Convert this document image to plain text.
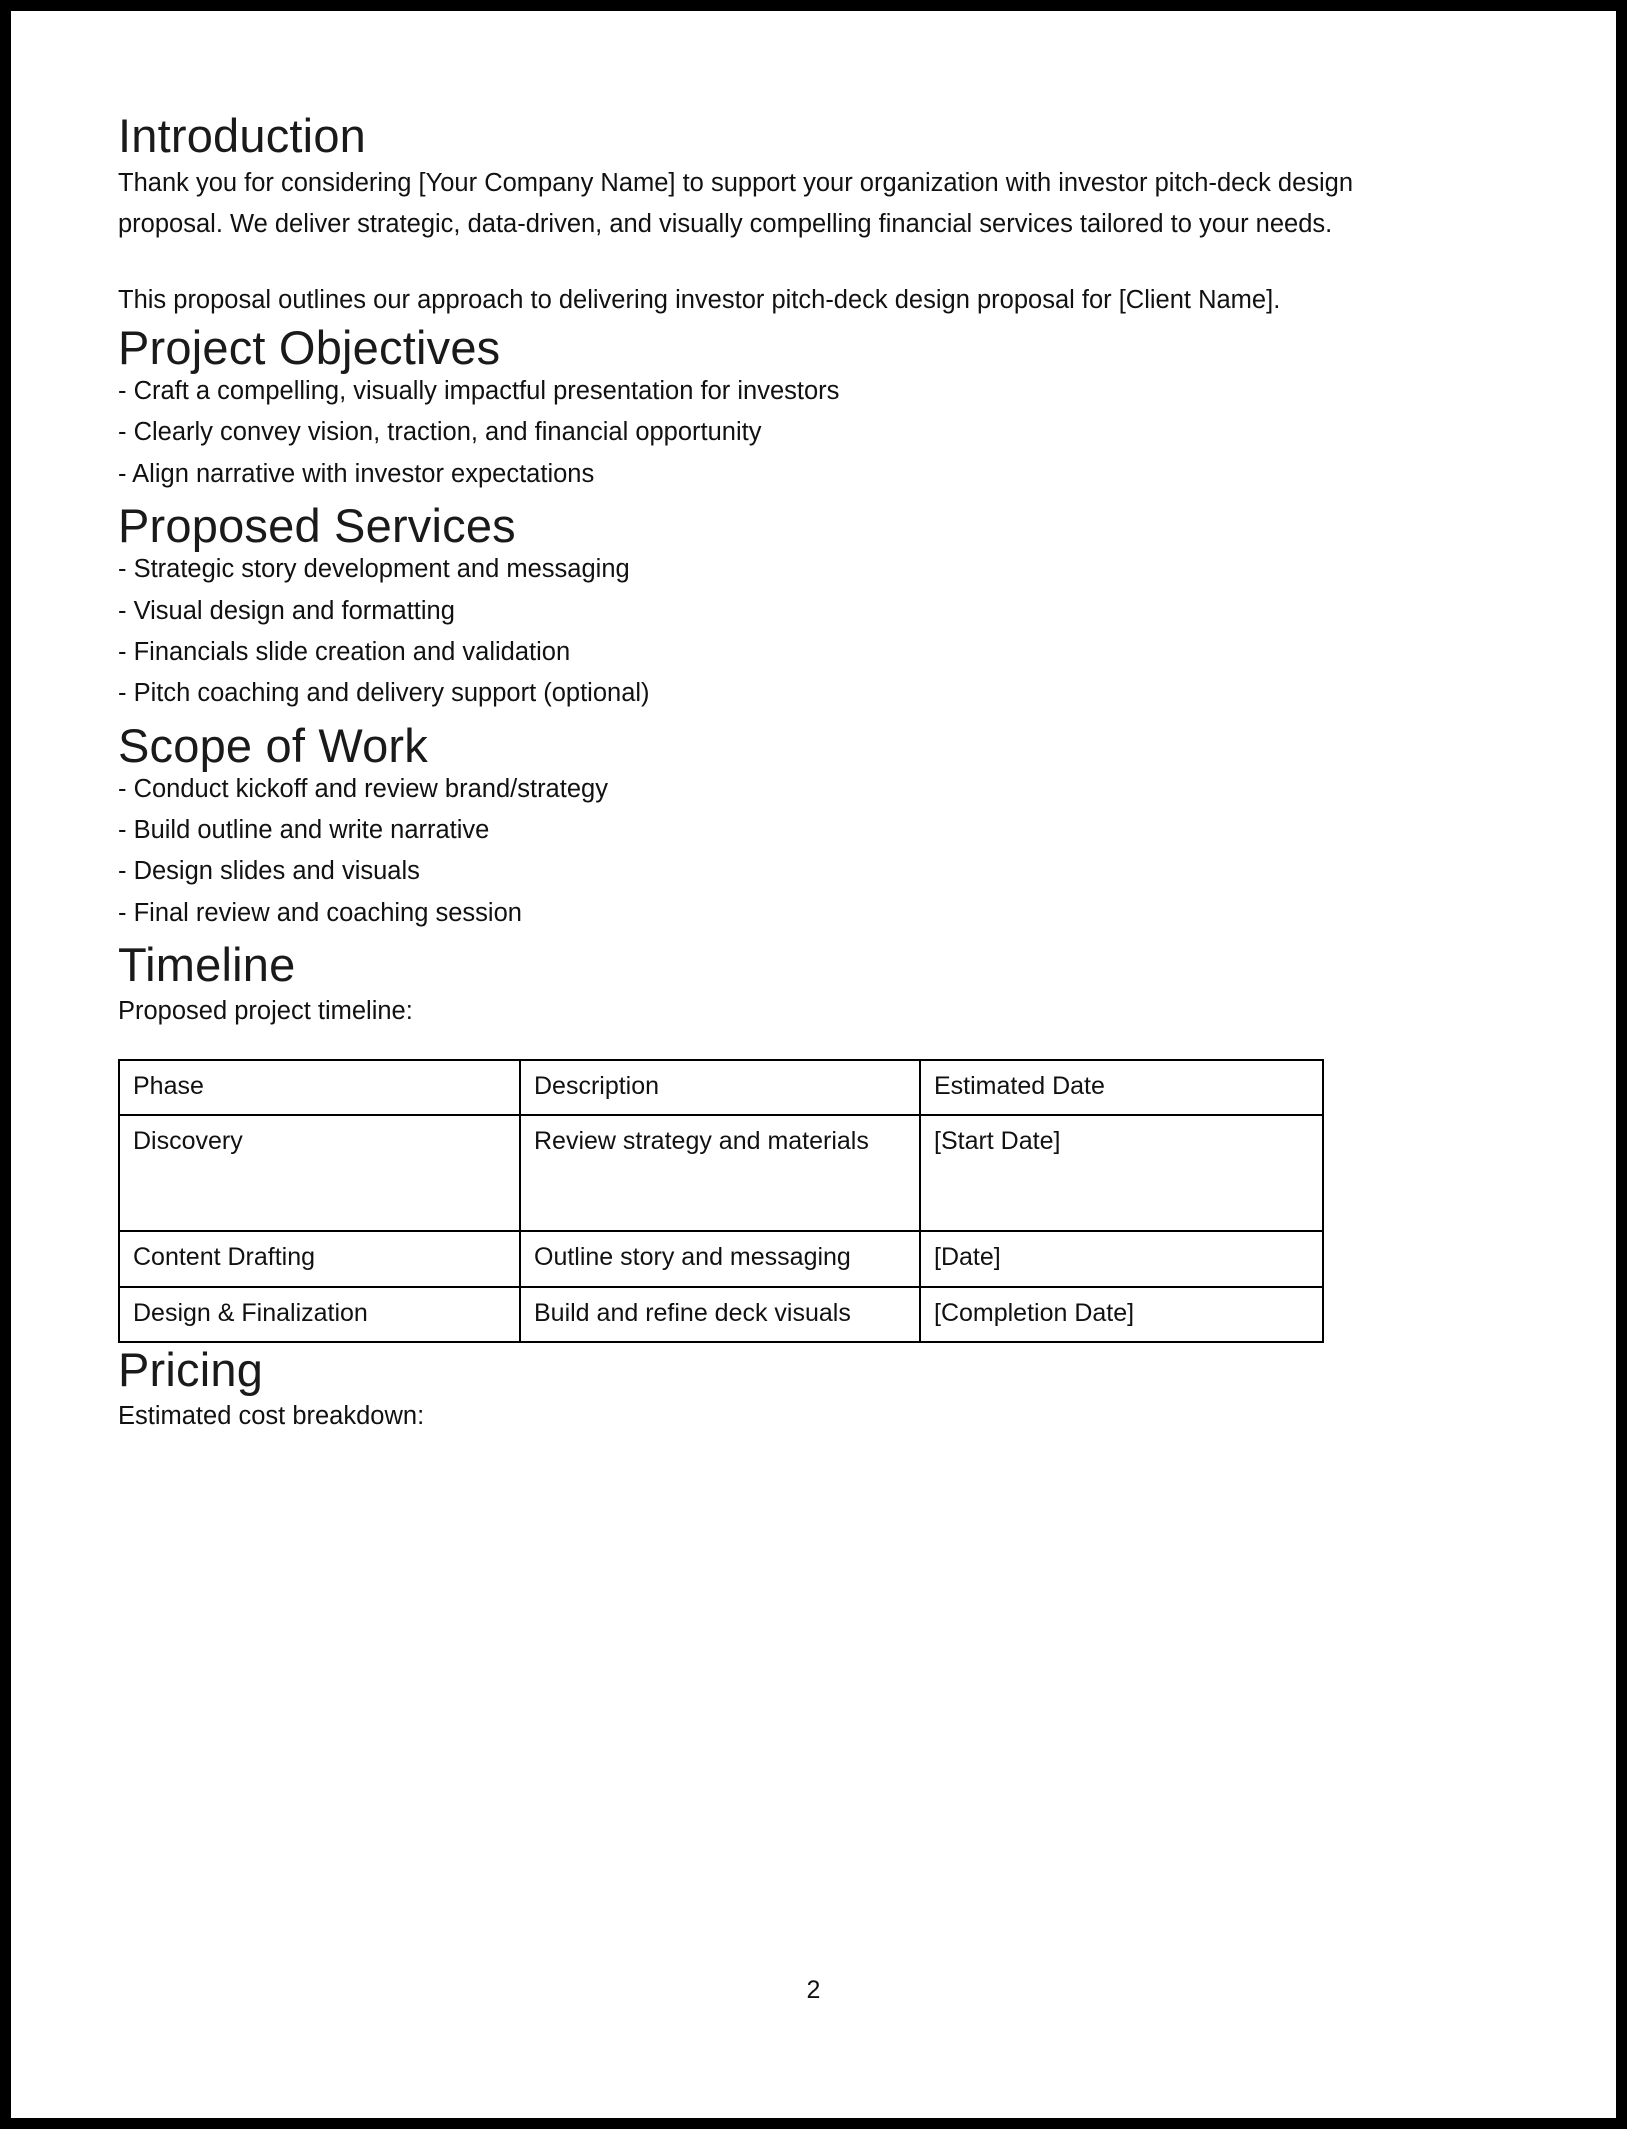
Introduction

Thank you for considering [Your Company Name] to support your organization with investor pitch-deck design proposal. We deliver strategic, data-driven, and visually compelling financial services tailored to your needs.

This proposal outlines our approach to delivering investor pitch-deck design proposal for [Client Name].

Project Objectives
- Craft a compelling, visually impactful presentation for investors
- Clearly convey vision, traction, and financial opportunity
- Align narrative with investor expectations
Proposed Services
- Strategic story development and messaging
- Visual design and formatting
- Financials slide creation and validation
- Pitch coaching and delivery support (optional)
Scope of Work
- Conduct kickoff and review brand/strategy
- Build outline and write narrative
- Design slides and visuals
- Final review and coaching session
Timeline

Proposed project timeline:

Phase	Description	Estimated Date
Discovery	Review strategy and materials	[Start Date]
Content Drafting	Outline story and messaging	[Date]
Design & Finalization	Build and refine deck visuals	[Completion Date]
Pricing

Estimated cost breakdown:

2
